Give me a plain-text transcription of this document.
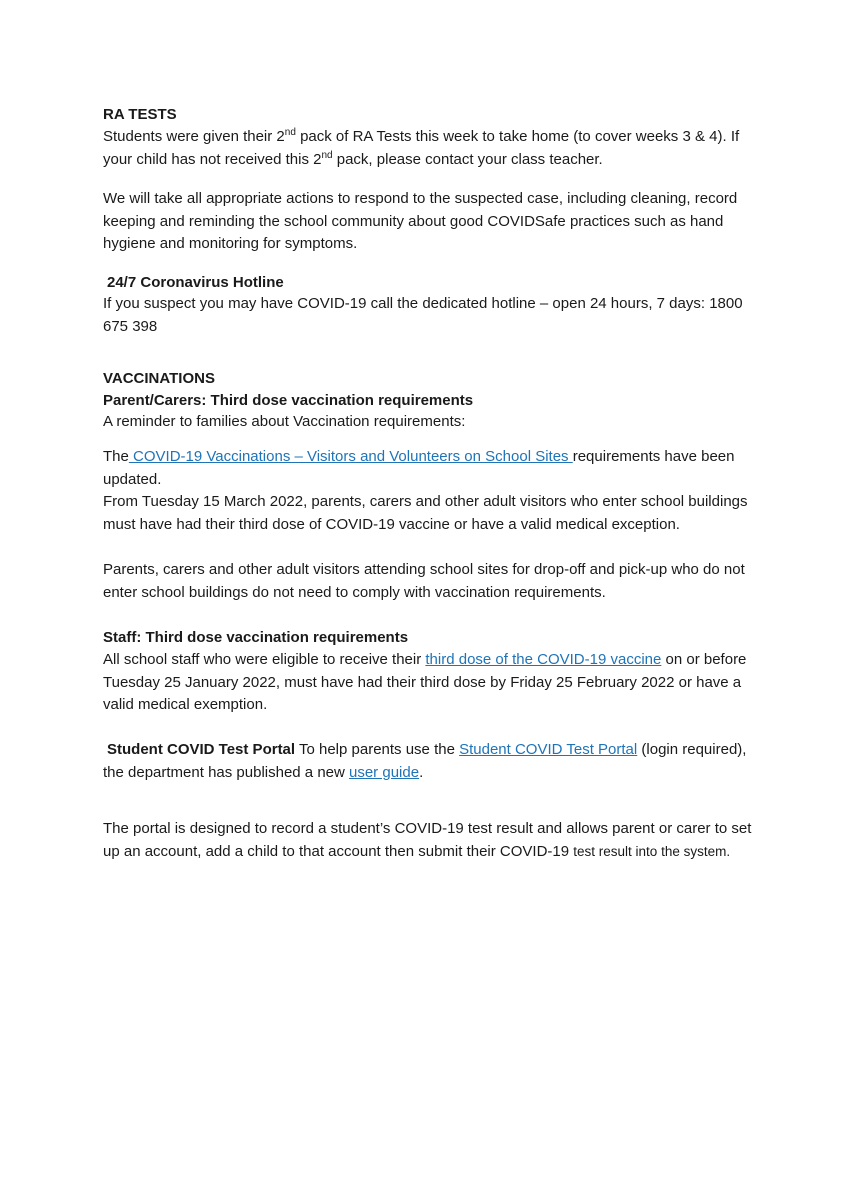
RA TESTS

Students were given their 2nd pack of RA Tests this week to take home (to cover weeks 3 & 4). If your child has not received this 2nd pack, please contact your class teacher.

We will take all appropriate actions to respond to the suspected case, including cleaning, record keeping and reminding the school community about good COVIDSafe practices such as hand hygiene and monitoring for symptoms.

24/7 Coronavirus Hotline

If you suspect you may have COVID-19 call the dedicated hotline – open 24 hours, 7 days: 1800 675 398

VACCINATIONS
Parent/Carers: Third dose vaccination requirements

A reminder to families about Vaccination requirements:

The COVID-19 Vaccinations – Visitors and Volunteers on School Sites requirements have been updated.

From Tuesday 15 March 2022, parents, carers and other adult visitors who enter school buildings must have had their third dose of COVID-19 vaccine or have a valid medical exception.

Parents, carers and other adult visitors attending school sites for drop-off and pick-up who do not enter school buildings do not need to comply with vaccination requirements.

Staff: Third dose vaccination requirements

All school staff who were eligible to receive their third dose of the COVID-19 vaccine on or before Tuesday 25 January 2022, must have had their third dose by Friday 25 February 2022 or have a valid medical exemption.

Student COVID Test Portal To help parents use the Student COVID Test Portal (login required), the department has published a new user guide.

The portal is designed to record a student’s COVID-19 test result and allows parent or carer to set up an account, add a child to that account then submit their COVID-19 test result into the system.
